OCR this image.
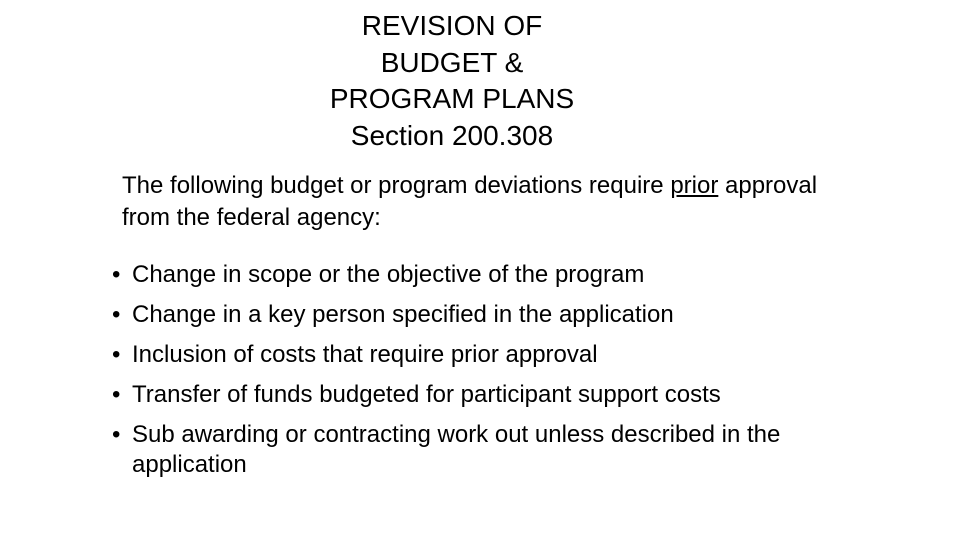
REVISION OF
BUDGET &
PROGRAM PLANS
Section 200.308
The following budget or program deviations require prior approval from the federal agency:
• Change in scope or the objective of the program
• Change in a key person specified in the application
• Inclusion of costs that require prior approval
• Transfer of funds budgeted for participant support costs
• Sub awarding or contracting work out unless described in the application
